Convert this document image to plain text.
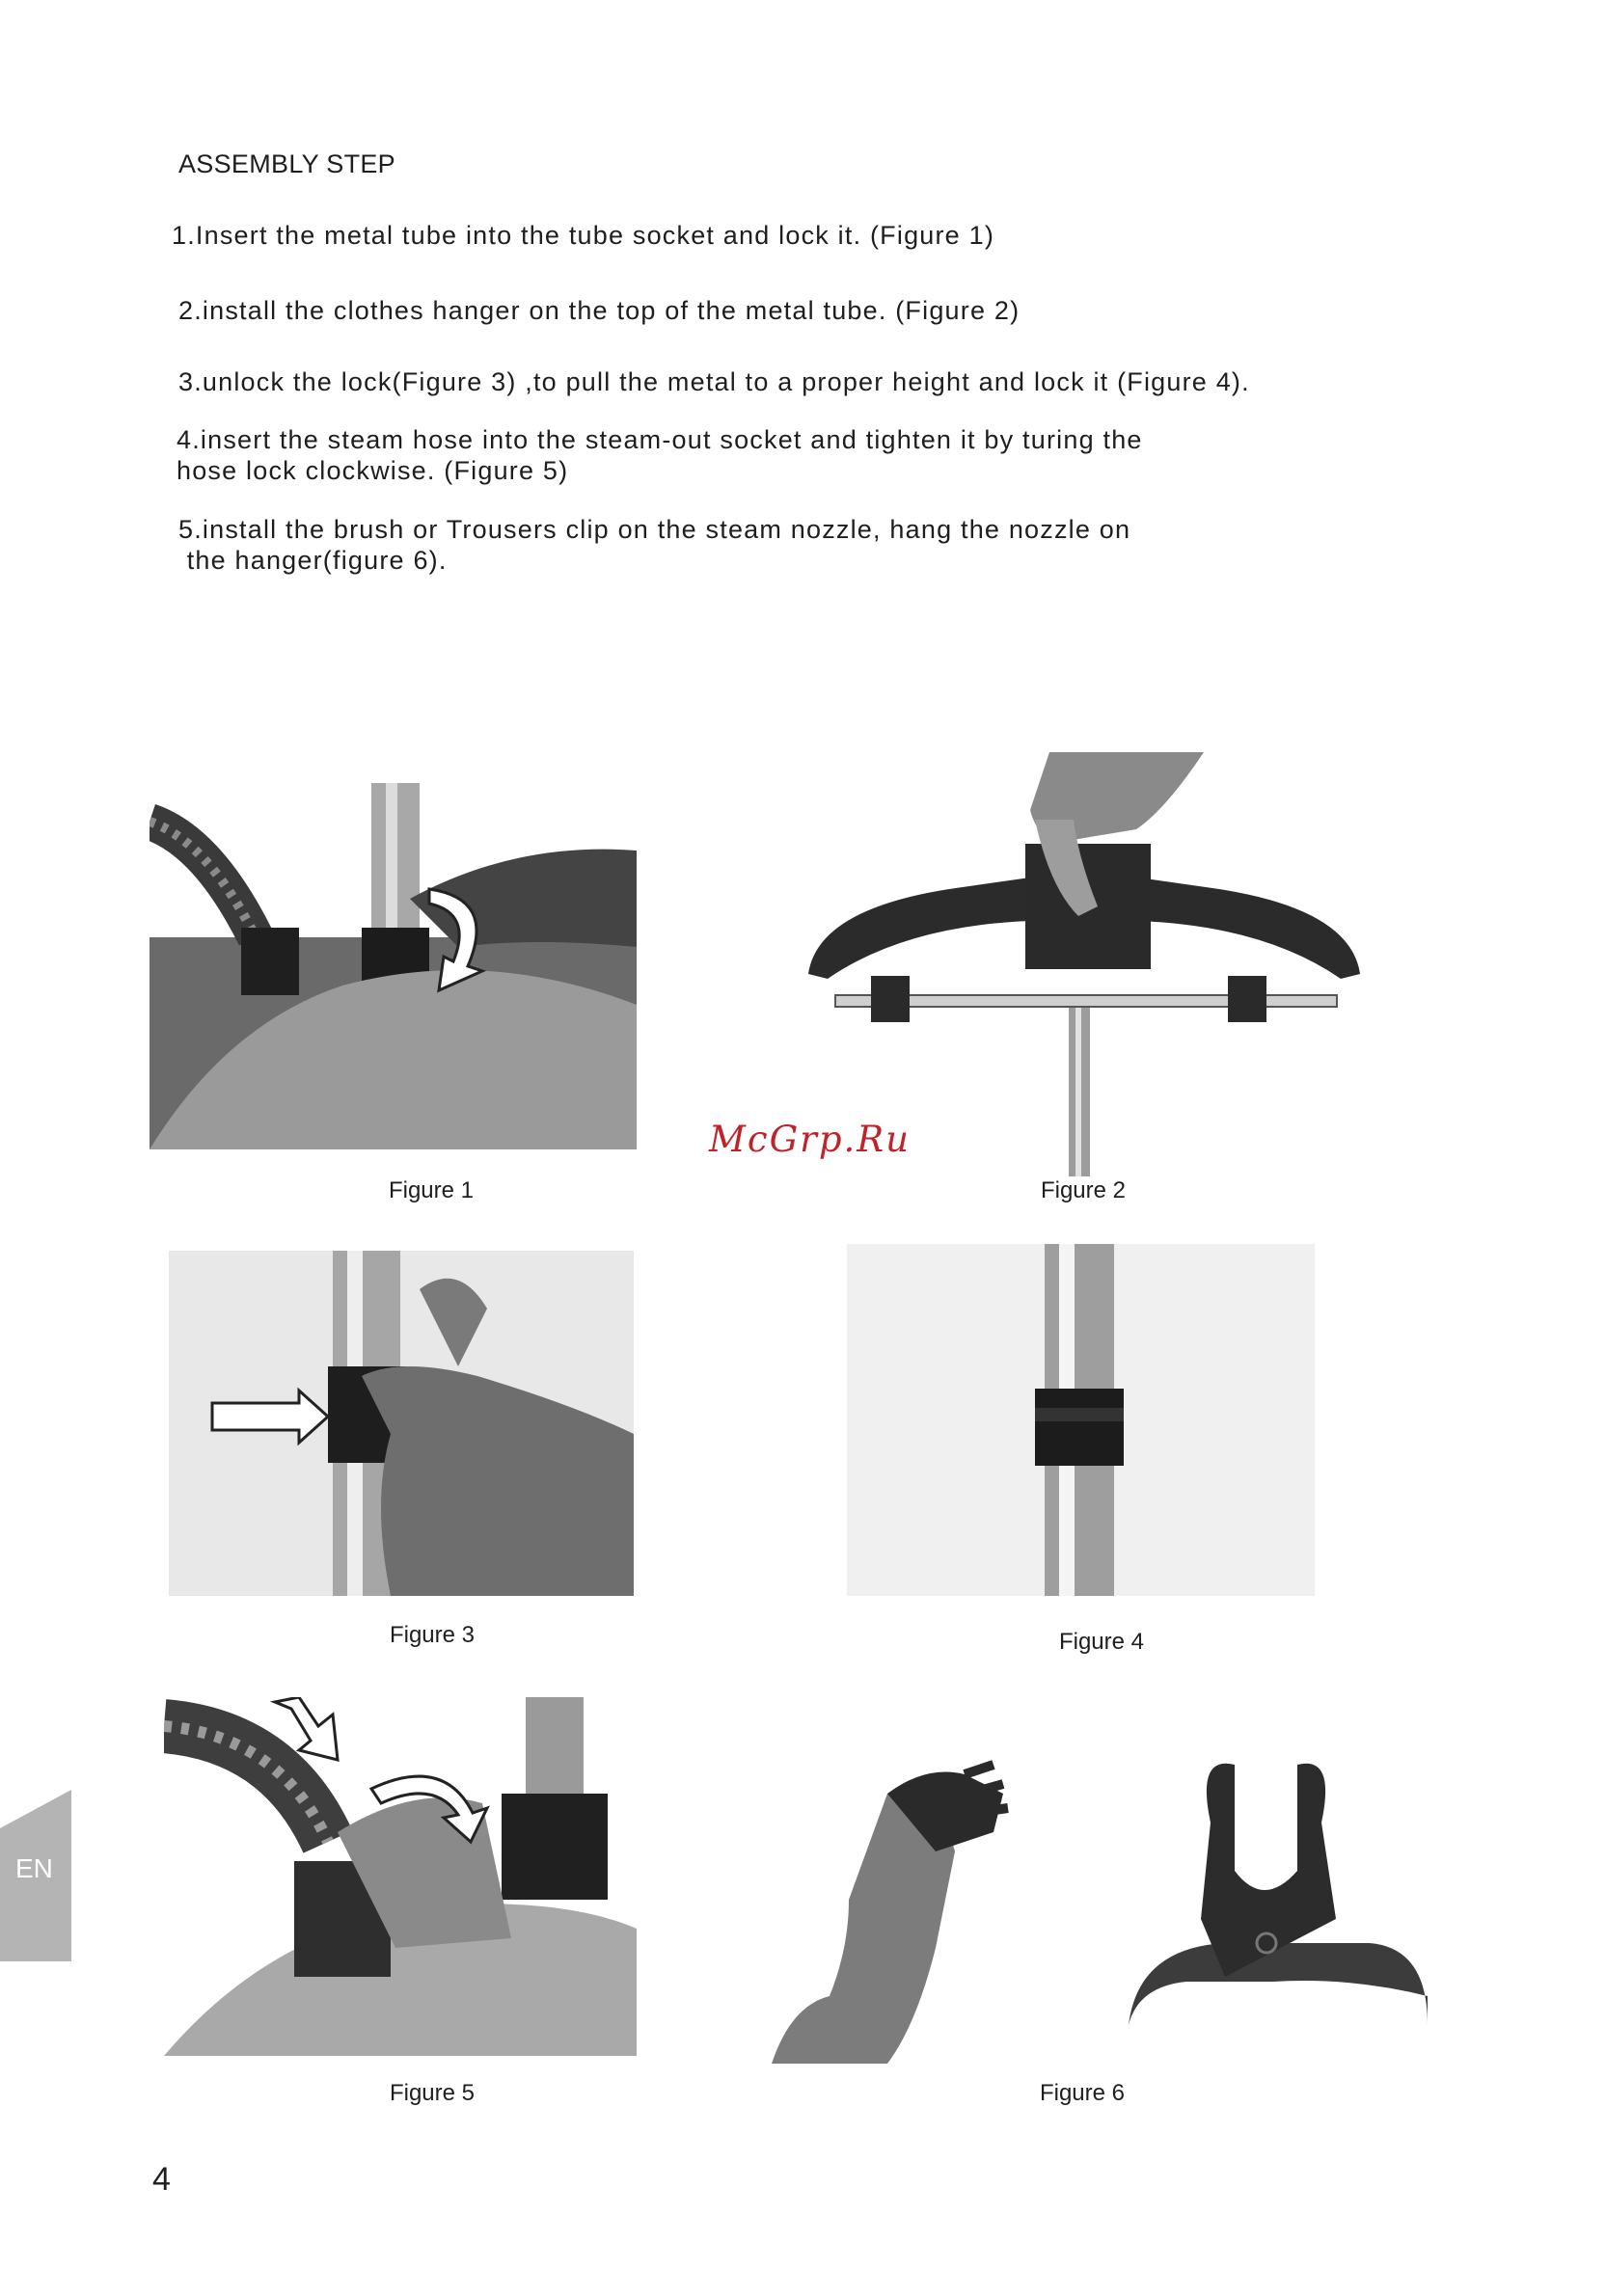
ASSEMBLY STEP
1.Insert the metal tube into the tube socket and lock it. (Figure 1)
2.install the clothes hanger on the top of the metal tube. (Figure 2)
3.unlock the lock(Figure 3) ,to pull the metal to a proper height and lock it (Figure 4).
4.insert the steam hose into the steam-out socket and tighten it by turing the
hose lock clockwise. (Figure 5)
5.install the brush or Trousers clip on the steam nozzle, hang the nozzle on
the hanger(figure 6).
Figure 1	Figure 2
McGrp.Ru
Figure 3	Figure 4
Figure 5	Figure 6
EN
4
